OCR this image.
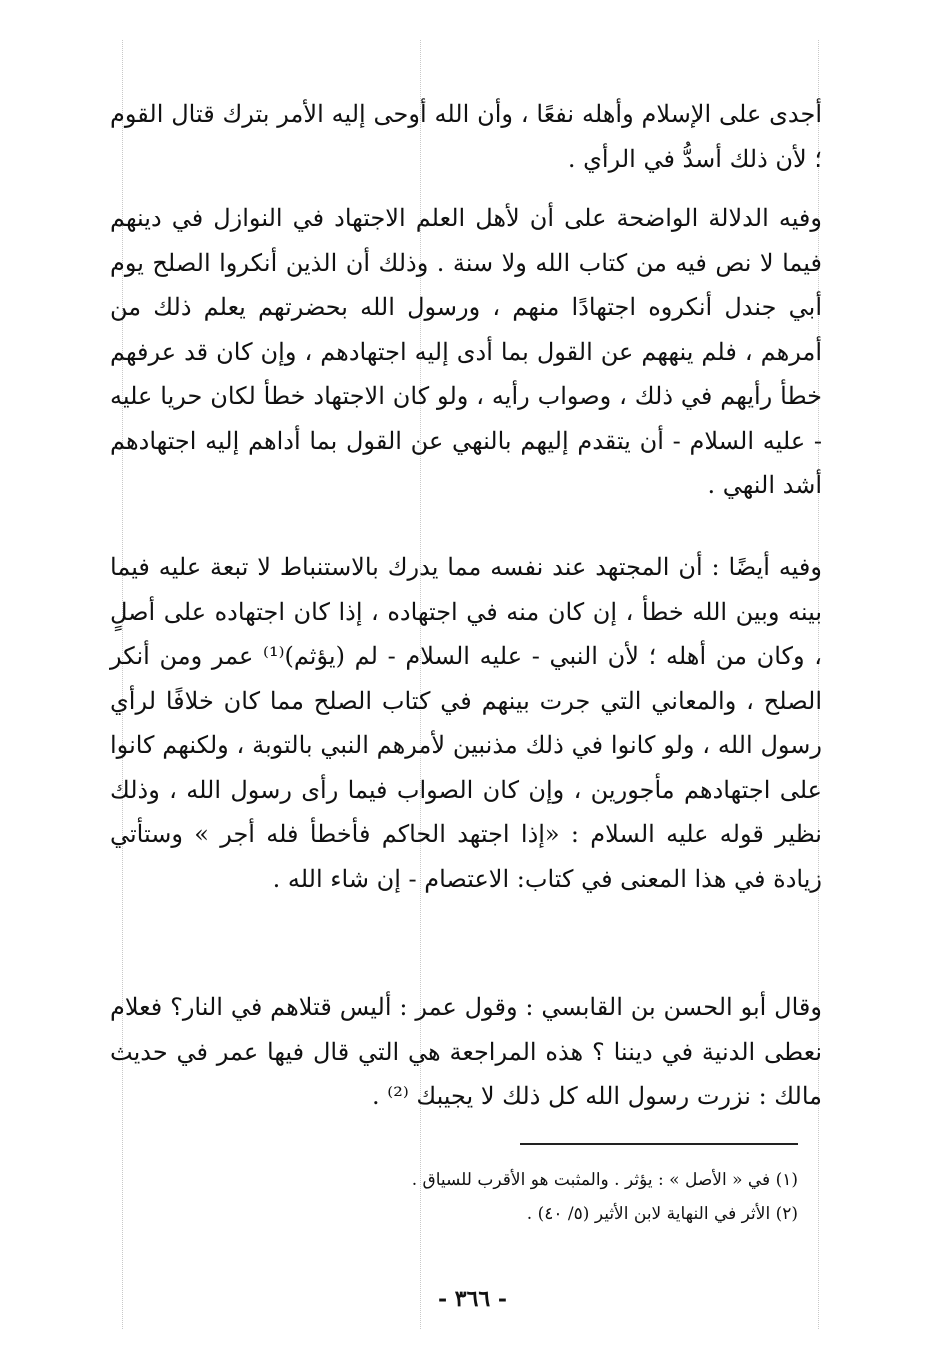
أجدى على الإسلام وأهله نفعًا ، وأن الله أوحى إليه الأمر بترك قتال القوم ؛ لأن ذلك أسدُّ في الرأي .

وفيه الدلالة الواضحة على أن لأهل العلم الاجتهاد في النوازل في دينهم فيما لا نص فيه من كتاب الله ولا سنة . وذلك أن الذين أنكروا الصلح يوم أبي جندل أنكروه اجتهادًا منهم ، ورسول الله بحضرتهم يعلم ذلك من أمرهم ، فلم ينههم عن القول بما أدى إليه اجتهادهم ، وإن كان قد عرفهم خطأ رأيهم في ذلك ، وصواب رأيه ، ولو كان الاجتهاد خطأ لكان حريا عليه - عليه السلام - أن يتقدم إليهم بالنهي عن القول بما أداهم إليه اجتهادهم أشد النهي .

وفيه أيضًا : أن المجتهد عند نفسه مما يدرك بالاستنباط لا تبعة عليه فيما بينه وبين الله خطأ ، إن كان منه في اجتهاده ، إذا كان اجتهاده على أصلٍ ، وكان من أهله ؛ لأن النبي - عليه السلام - لم (يؤثم)⁽¹⁾ عمر ومن أنكر الصلح ، والمعاني التي جرت بينهم في كتاب الصلح مما كان خلافًا لرأي رسول الله ، ولو كانوا في ذلك مذنبين لأمرهم النبي بالتوبة ، ولكنهم كانوا على اجتهادهم مأجورين ، وإن كان الصواب فيما رأى رسول الله ، وذلك نظير قوله عليه السلام : «إذا اجتهد الحاكم فأخطأ فله أجر » وستأتي زيادة في هذا المعنى في كتاب: الاعتصام - إن شاء الله .

وقال أبو الحسن بن القابسي : وقول عمر : أليس قتلاهم في النار؟ فعلام نعطى الدنية في ديننا ؟ هذه المراجعة هي التي قال فيها عمر في حديث مالك : نزرت رسول الله كل ذلك لا يجيبك ⁽²⁾ .

(١) في « الأصل » : يؤثر . والمثبت هو الأقرب للسياق .
(٢) الأثر في النهاية لابن الأثير (٥/ ٤٠) .
- ٣٦٦ -
